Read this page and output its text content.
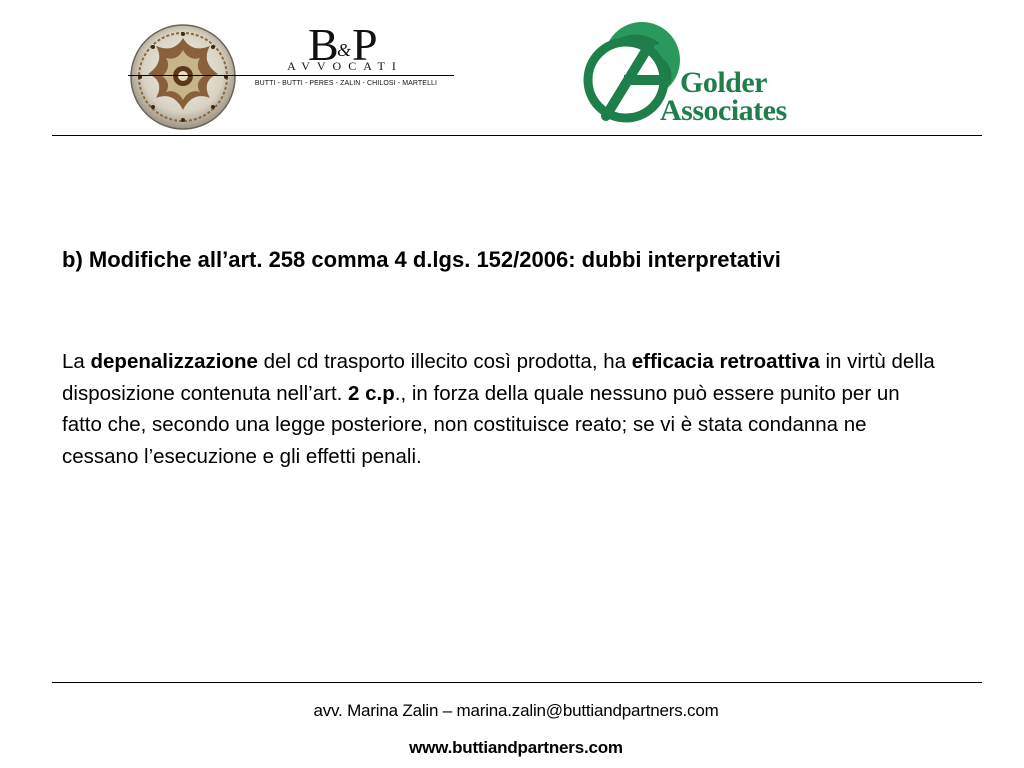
B
& P
AVVOCATI
BUTTI - BUTTI - PERES - ZALIN - CHILOSI - MARTELLI	Golder
Associates
b) Modifiche all’art. 258 comma 4 d.lgs. 152/2006: dubbi interpretativi

La depenalizzazione del cd trasporto illecito così prodotta, ha efficacia retroattiva in virtù della disposizione contenuta nell’art. 2 c.p., in forza della quale nessuno può essere punito per un fatto che, secondo una legge posteriore, non costituisce reato; se vi è stata condanna ne cessano l’esecuzione e gli effetti penali.

avv. Marina Zalin – marina.zalin@buttiandpartners.com
www.buttiandpartners.com
